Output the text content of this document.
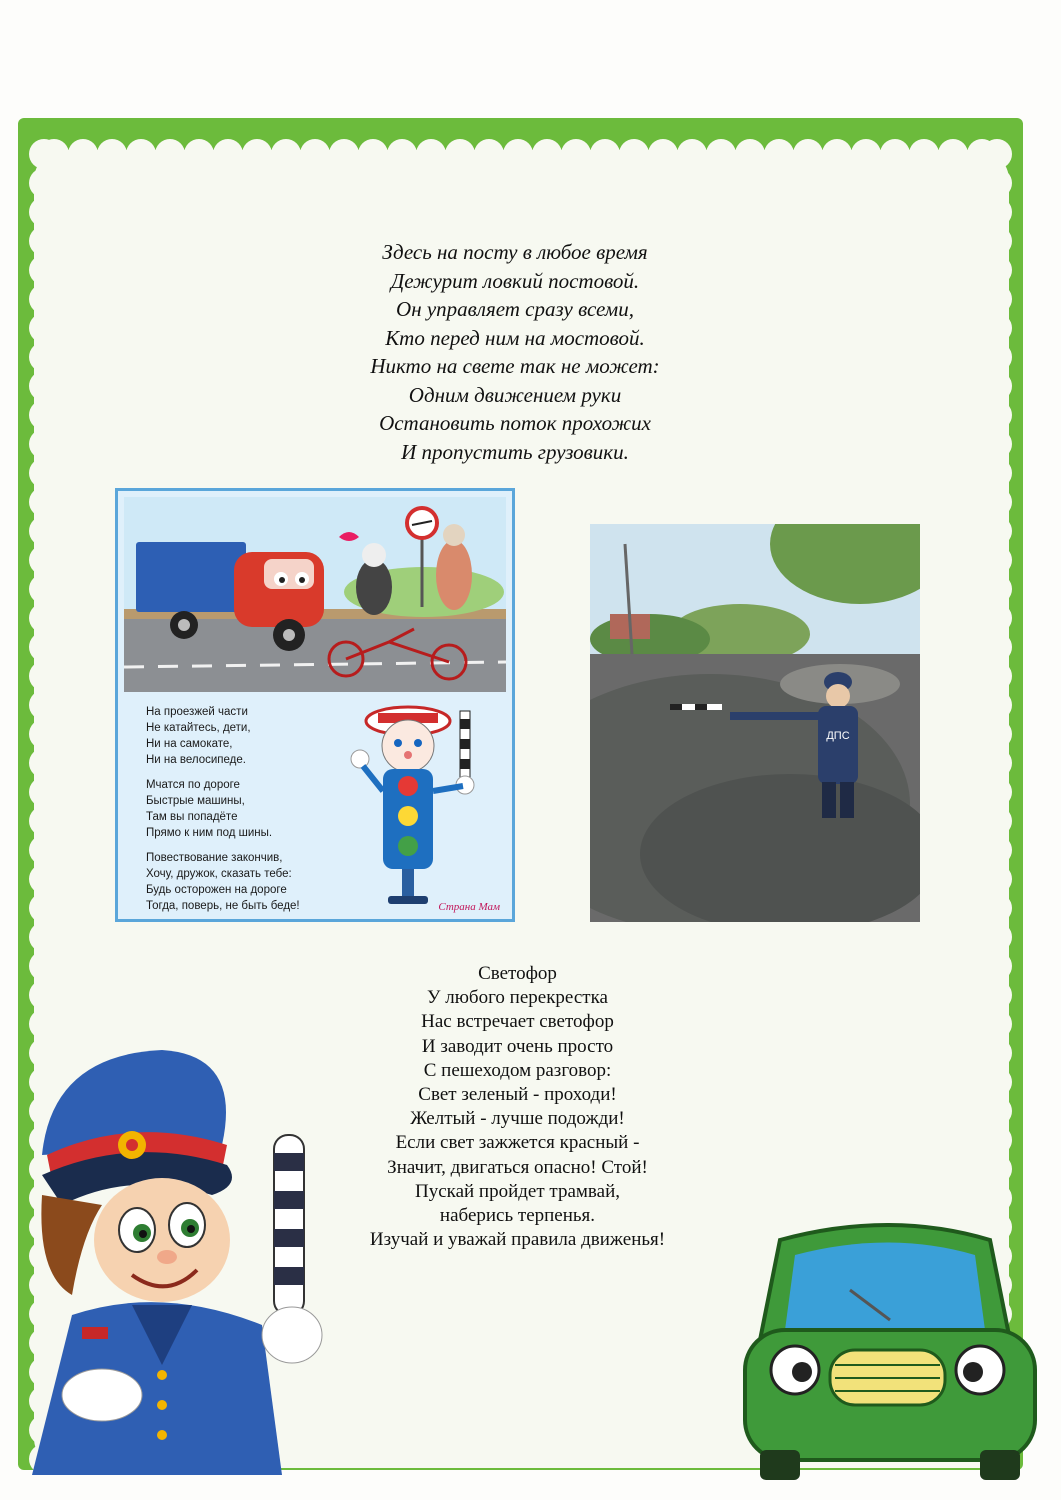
Здесь на посту в любое время
Дежурит ловкий постовой.
Он управляет сразу всеми,
Кто перед ним на мостовой.
Никто на свете так не может:
Одним движением руки
Остановить поток прохожих
И пропустить грузовики.
На проезжей части
Не катайтесь, дети,
Ни на самокате,
Ни на велосипеде.
Мчатся по дороге
Быстрые машины,
Там вы попадёте
Прямо к ним под шины.
Повествование закончив,
Хочу, дружок, сказать тебе:
Будь осторожен на дороге
Тогда, поверь, не быть беде!	Страна Мам
ДПС
Светофор
У любого перекрестка
Нас встречает светофор
И заводит очень просто
С пешеходом разговор:
Свет зеленый - проходи!
Желтый - лучше подожди!
Если свет зажжется красный -
Значит, двигаться опасно! Стой!
Пускай пройдет трамвай,
наберись терпенья.
Изучай и уважай правила движенья!
